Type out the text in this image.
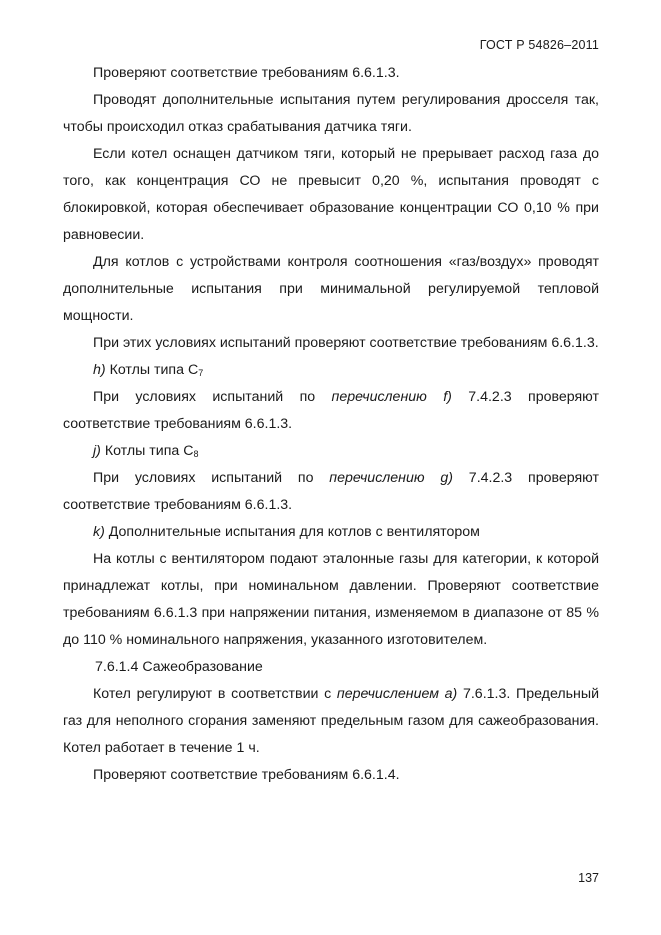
ГОСТ Р 54826–2011

Проверяют соответствие требованиям 6.6.1.3.

Проводят дополнительные испытания путем регулирования дросселя так, чтобы происходил отказ срабатывания датчика тяги.

Если котел оснащен датчиком тяги, который не прерывает расход газа до того, как концентрация СО не превысит 0,20 %, испытания проводят с блокировкой, которая обеспечивает образование концентрации СО 0,10 % при равновесии.

Для котлов с устройствами контроля соотношения «газ/воздух» проводят дополнительные испытания при минимальной регулируемой тепловой мощности.

При этих условиях испытаний проверяют соответствие требованиям 6.6.1.3.

h) Котлы типа $С_7$

При условиях испытаний по перечислению f) 7.4.2.3 проверяют соответствие требованиям 6.6.1.3.

j) Котлы типа $С_8$

При условиях испытаний по перечислению g) 7.4.2.3 проверяют соответствие требованиям 6.6.1.3.

k) Дополнительные испытания для котлов с вентилятором

На котлы с вентилятором подают эталонные газы для категории, к которой принадлежат котлы, при номинальном давлении. Проверяют соответствие требованиям 6.6.1.3 при напряжении питания, изменяемом в диапазоне от 85 % до 110 % номинального напряжения, указанного изготовителем.

7.6.1.4 Сажеобразование

Котел регулируют в соответствии с перечислением а) 7.6.1.3. Предельный газ для неполного сгорания заменяют предельным газом для сажеобразования. Котел работает в течение 1 ч.

Проверяют соответствие требованиям 6.6.1.4.

137
